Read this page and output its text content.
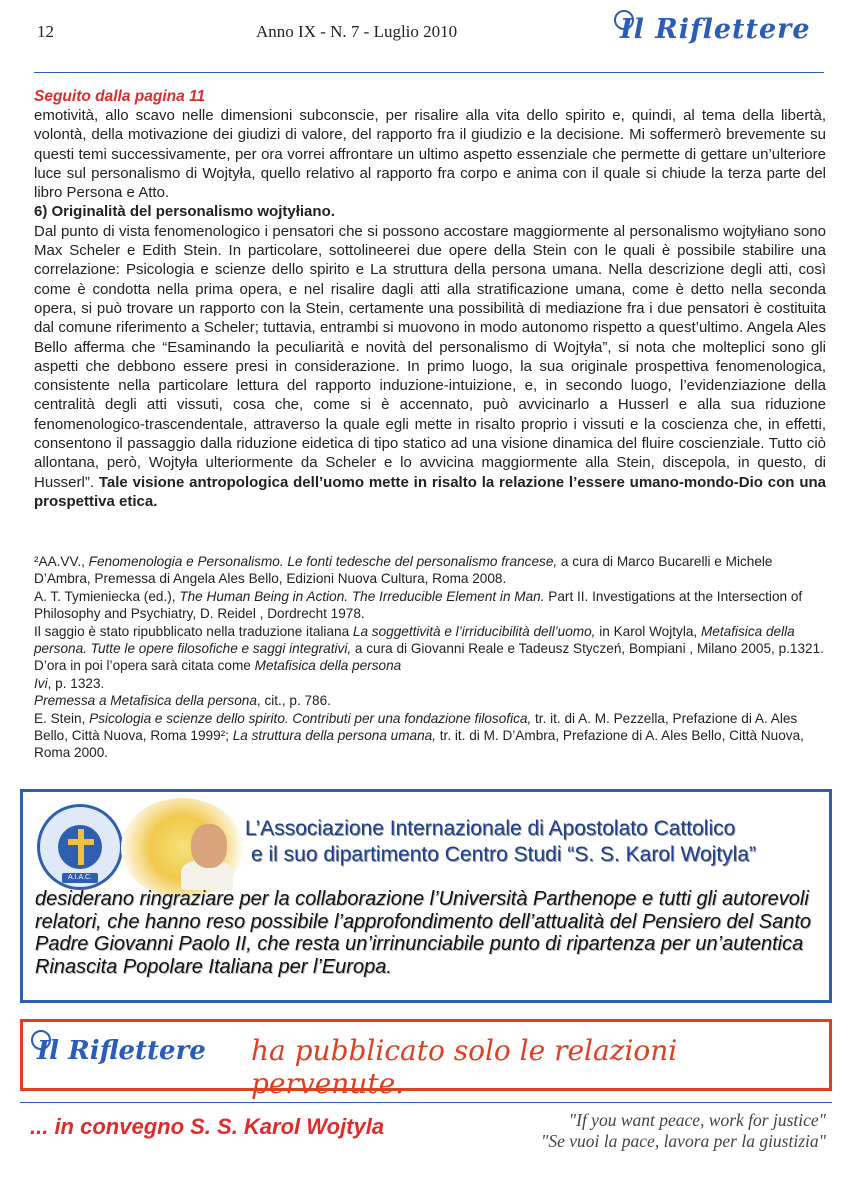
12	Anno IX - N. 7 - Luglio 2010	Il Riflettere
Seguito dalla pagina 11

emotività, allo scavo nelle dimensioni subconscie, per risalire alla vita dello spirito e, quindi, al tema della libertà, volontà, della motivazione dei giudizi di valore, del rapporto fra il giudizio e la decisione. Mi soffermerò brevemente su questi temi successivamente, per ora vorrei affrontare un ultimo aspetto essenziale che permette di gettare un’ulteriore luce sul personalismo di Wojtyła, quello relativo al rapporto fra corpo e anima con il quale si chiude la terza parte del libro Persona e Atto.

6) Originalità del personalismo wojtyłiano.

Dal punto di vista fenomenologico i pensatori che si possono accostare maggiormente al personalismo wojtyłiano sono Max Scheler e Edith Stein. In particolare, sottolineerei due opere della Stein con le quali è possibile stabilire una correlazione: Psicologia e scienze dello spirito e La struttura della persona umana. Nella descrizione degli atti, così come è condotta nella prima opera, e nel risalire dagli atti alla stratificazione umana, come è detto nella seconda opera, si può trovare un rapporto con la Stein, certamente una possibilità di mediazione fra i due pensatori è costituita dal comune riferimento a Scheler; tuttavia, entrambi si muovono in modo autonomo rispetto a quest’ultimo. Angela Ales Bello afferma che “Esaminando la peculiarità e novità del personalismo di Wojtyła”, si nota che molteplici sono gli aspetti che debbono essere presi in considerazione. In primo luogo, la sua originale prospettiva fenomenologica, consistente nella particolare lettura del rapporto induzione-intuizione, e, in secondo luogo, l’evidenziazione della centralità degli atti vissuti, cosa che, come si è accennato, può avvicinarlo a Husserl e alla sua riduzione fenomenologico-trascendentale, attraverso la quale egli mette in risalto proprio i vissuti e la coscienza che, in effetti, consentono il passaggio dalla riduzione eidetica di tipo statico ad una visione dinamica del fluire coscienziale. Tutto ciò allontana, però, Wojtyła ulteriormente da Scheler e lo avvicina maggiormente alla Stein, discepola, in questo, di Husserl”. Tale visione antropologica dell’uomo mette in risalto la relazione l’essere umano-mondo-Dio con una prospettiva etica.

²AA.VV., Fenomenologia e Personalismo. Le fonti tedesche del personalismo francese, a cura di Marco Bucarelli e Michele D’Ambra, Premessa di Angela Ales Bello, Edizioni Nuova Cultura, Roma 2008.

A. T. Tymieniecka (ed.), The Human Being in Action. The Irreducible Element in Man. Part II. Investigations at the Intersection of Philosophy and Psychiatry, D. Reidel , Dordrecht 1978.

Il saggio è stato ripubblicato nella traduzione italiana La soggettività e l’irriducibilità dell’uomo, in Karol Wojtyla, Metafisica della persona. Tutte le opere filosofiche e saggi integrativi, a cura di Giovanni Reale e Tadeusz Styczeń, Bompiani , Milano 2005, p.1321. D’ora in poi l’opera sarà citata come Metafisica della persona

Ivi, p. 1323.

Premessa a Metafisica della persona, cit., p. 786.

E. Stein, Psicologia e scienze dello spirito. Contributi per una fondazione filosofica, tr. it. di A. M. Pezzella, Prefazione di A. Ales Bello, Città Nuova, Roma 1999²; La struttura della persona umana, tr. it. di M. D’Ambra, Prefazione di A. Ales Bello, Città Nuova, Roma 2000.

A.I.A.C.
L’Associazione Internazionale di Apostolato Cattolico
e il suo dipartimento Centro Studi “S. S. Karol Wojtyla”
desiderano ringraziare per la collaborazione l’Università Parthenope e tutti gli autorevoli relatori, che hanno reso possibile l’approfondimento dell’attualità del Pensiero del Santo Padre Giovanni Paolo II, che resta un’irrinunciabile punto di ripartenza per un’autentica Rinascita Popolare Italiana per l’Europa.
Il Riflettere ha pubblicato solo le relazioni pervenute.
... in convegno S. S. Karol Wojtyla	"If you want peace, work for justice"
"Se vuoi la pace, lavora per la giustizia"
